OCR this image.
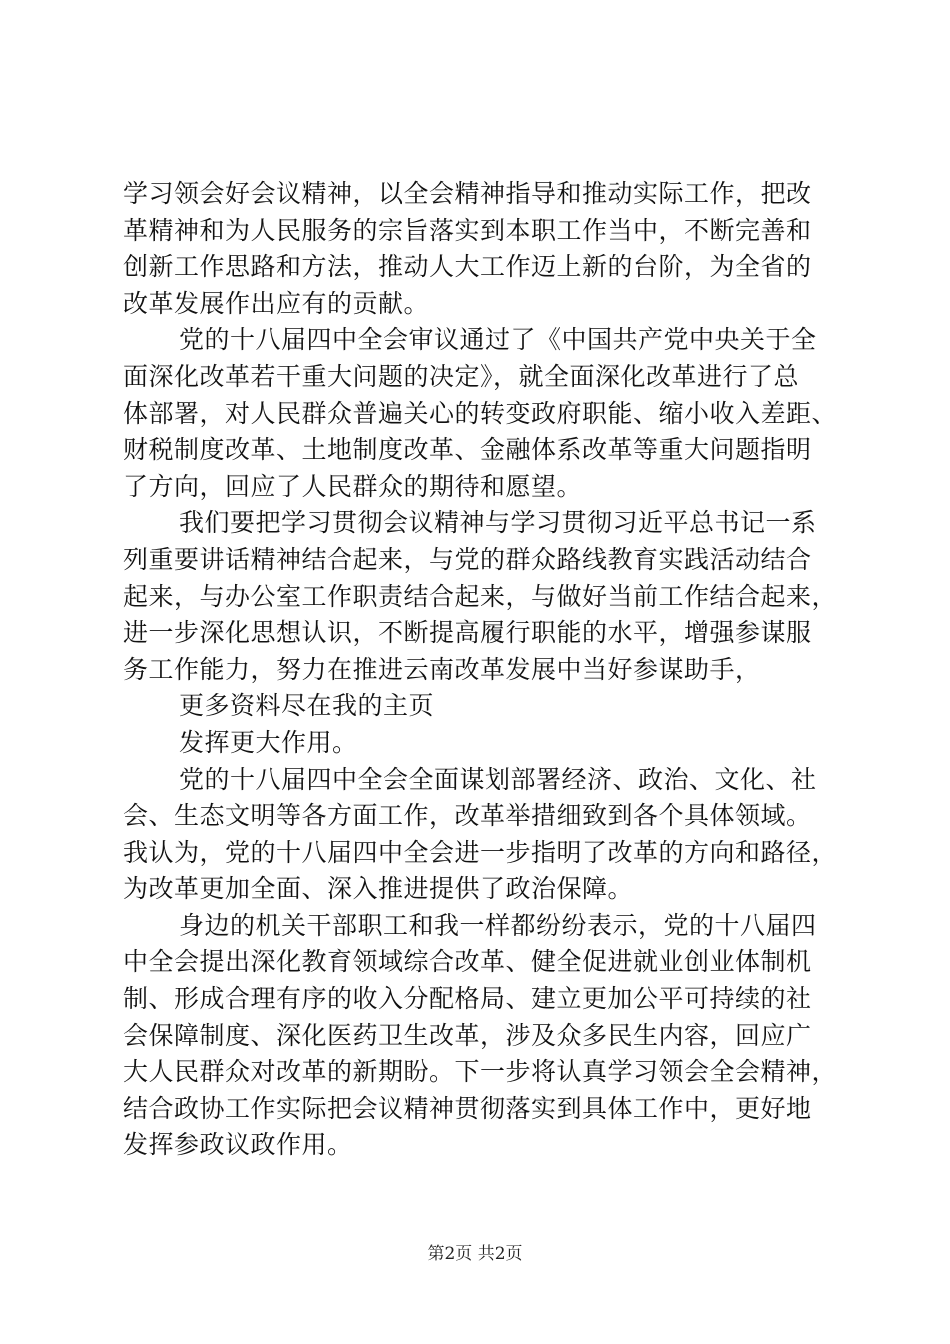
学习领会好会议精神，以全会精神指导和推动实际工作，把改
革精神和为人民服务的宗旨落实到本职工作当中，不断完善和
创新工作思路和方法，推动人大工作迈上新的台阶，为全省的
改革发展作出应有的贡献。
党的十八届四中全会审议通过了《中国共产党中央关于全
面深化改革若干重大问题的决定》，就全面深化改革进行了总
体部署，对人民群众普遍关心的转变政府职能、缩小收入差距、
财税制度改革、土地制度改革、金融体系改革等重大问题指明
了方向，回应了人民群众的期待和愿望。
我们要把学习贯彻会议精神与学习贯彻习近平总书记一系
列重要讲话精神结合起来，与党的群众路线教育实践活动结合
起来，与办公室工作职责结合起来，与做好当前工作结合起来，
进一步深化思想认识，不断提高履行职能的水平，增强参谋服
务工作能力，努力在推进云南改革发展中当好参谋助手，
更多资料尽在我的主页
发挥更大作用。
党的十八届四中全会全面谋划部署经济、政治、文化、社
会、生态文明等各方面工作，改革举措细致到各个具体领域。
我认为，党的十八届四中全会进一步指明了改革的方向和路径，
为改革更加全面、深入推进提供了政治保障。
身边的机关干部职工和我一样都纷纷表示，党的十八届四
中全会提出深化教育领域综合改革、健全促进就业创业体制机
制、形成合理有序的收入分配格局、建立更加公平可持续的社
会保障制度、深化医药卫生改革，涉及众多民生内容，回应广
大人民群众对改革的新期盼。下一步将认真学习领会全会精神，
结合政协工作实际把会议精神贯彻落实到具体工作中，更好地
发挥参政议政作用。
第2页 共2页
